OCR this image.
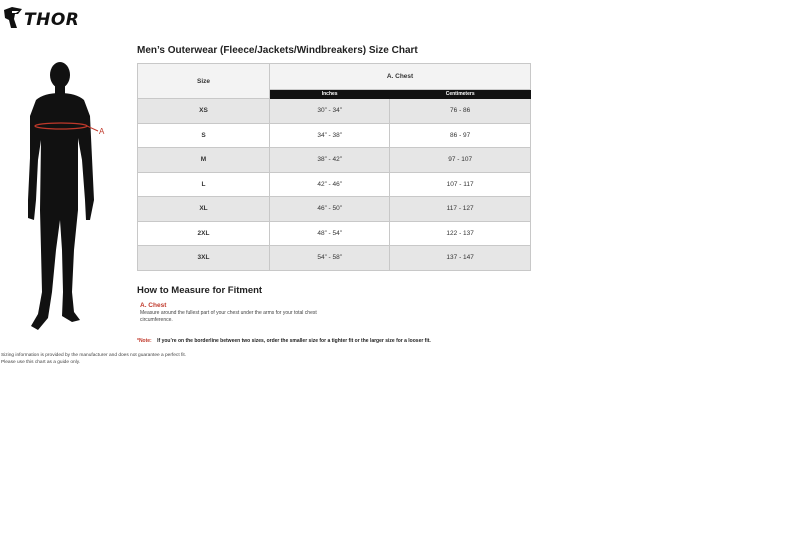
THOR
A
Men’s Outerwear (Fleece/Jackets/Windbreakers) Size Chart
Size	A. Chest	
	Inches	Centimeters
XS	30” - 34”	76 - 86
S	34” - 38”	86 - 97
M	38” - 42”	97 - 107
L	42” - 46”	107 - 117
XL	46” - 50”	117 - 127
2XL	48” - 54”	122 - 137
3XL	54” - 58”	137 - 147
How to Measure for Fitment
A. Chest
Measure around the fullest part of your chest under the arms for your total chest circumference.
*Note: If you’re on the borderline between two sizes, order the smaller size for a tighter fit or the larger size for a looser fit.
Sizing information is provided by the manufacturer and does not guarantee a perfect fit.
Please use this chart as a guide only.
